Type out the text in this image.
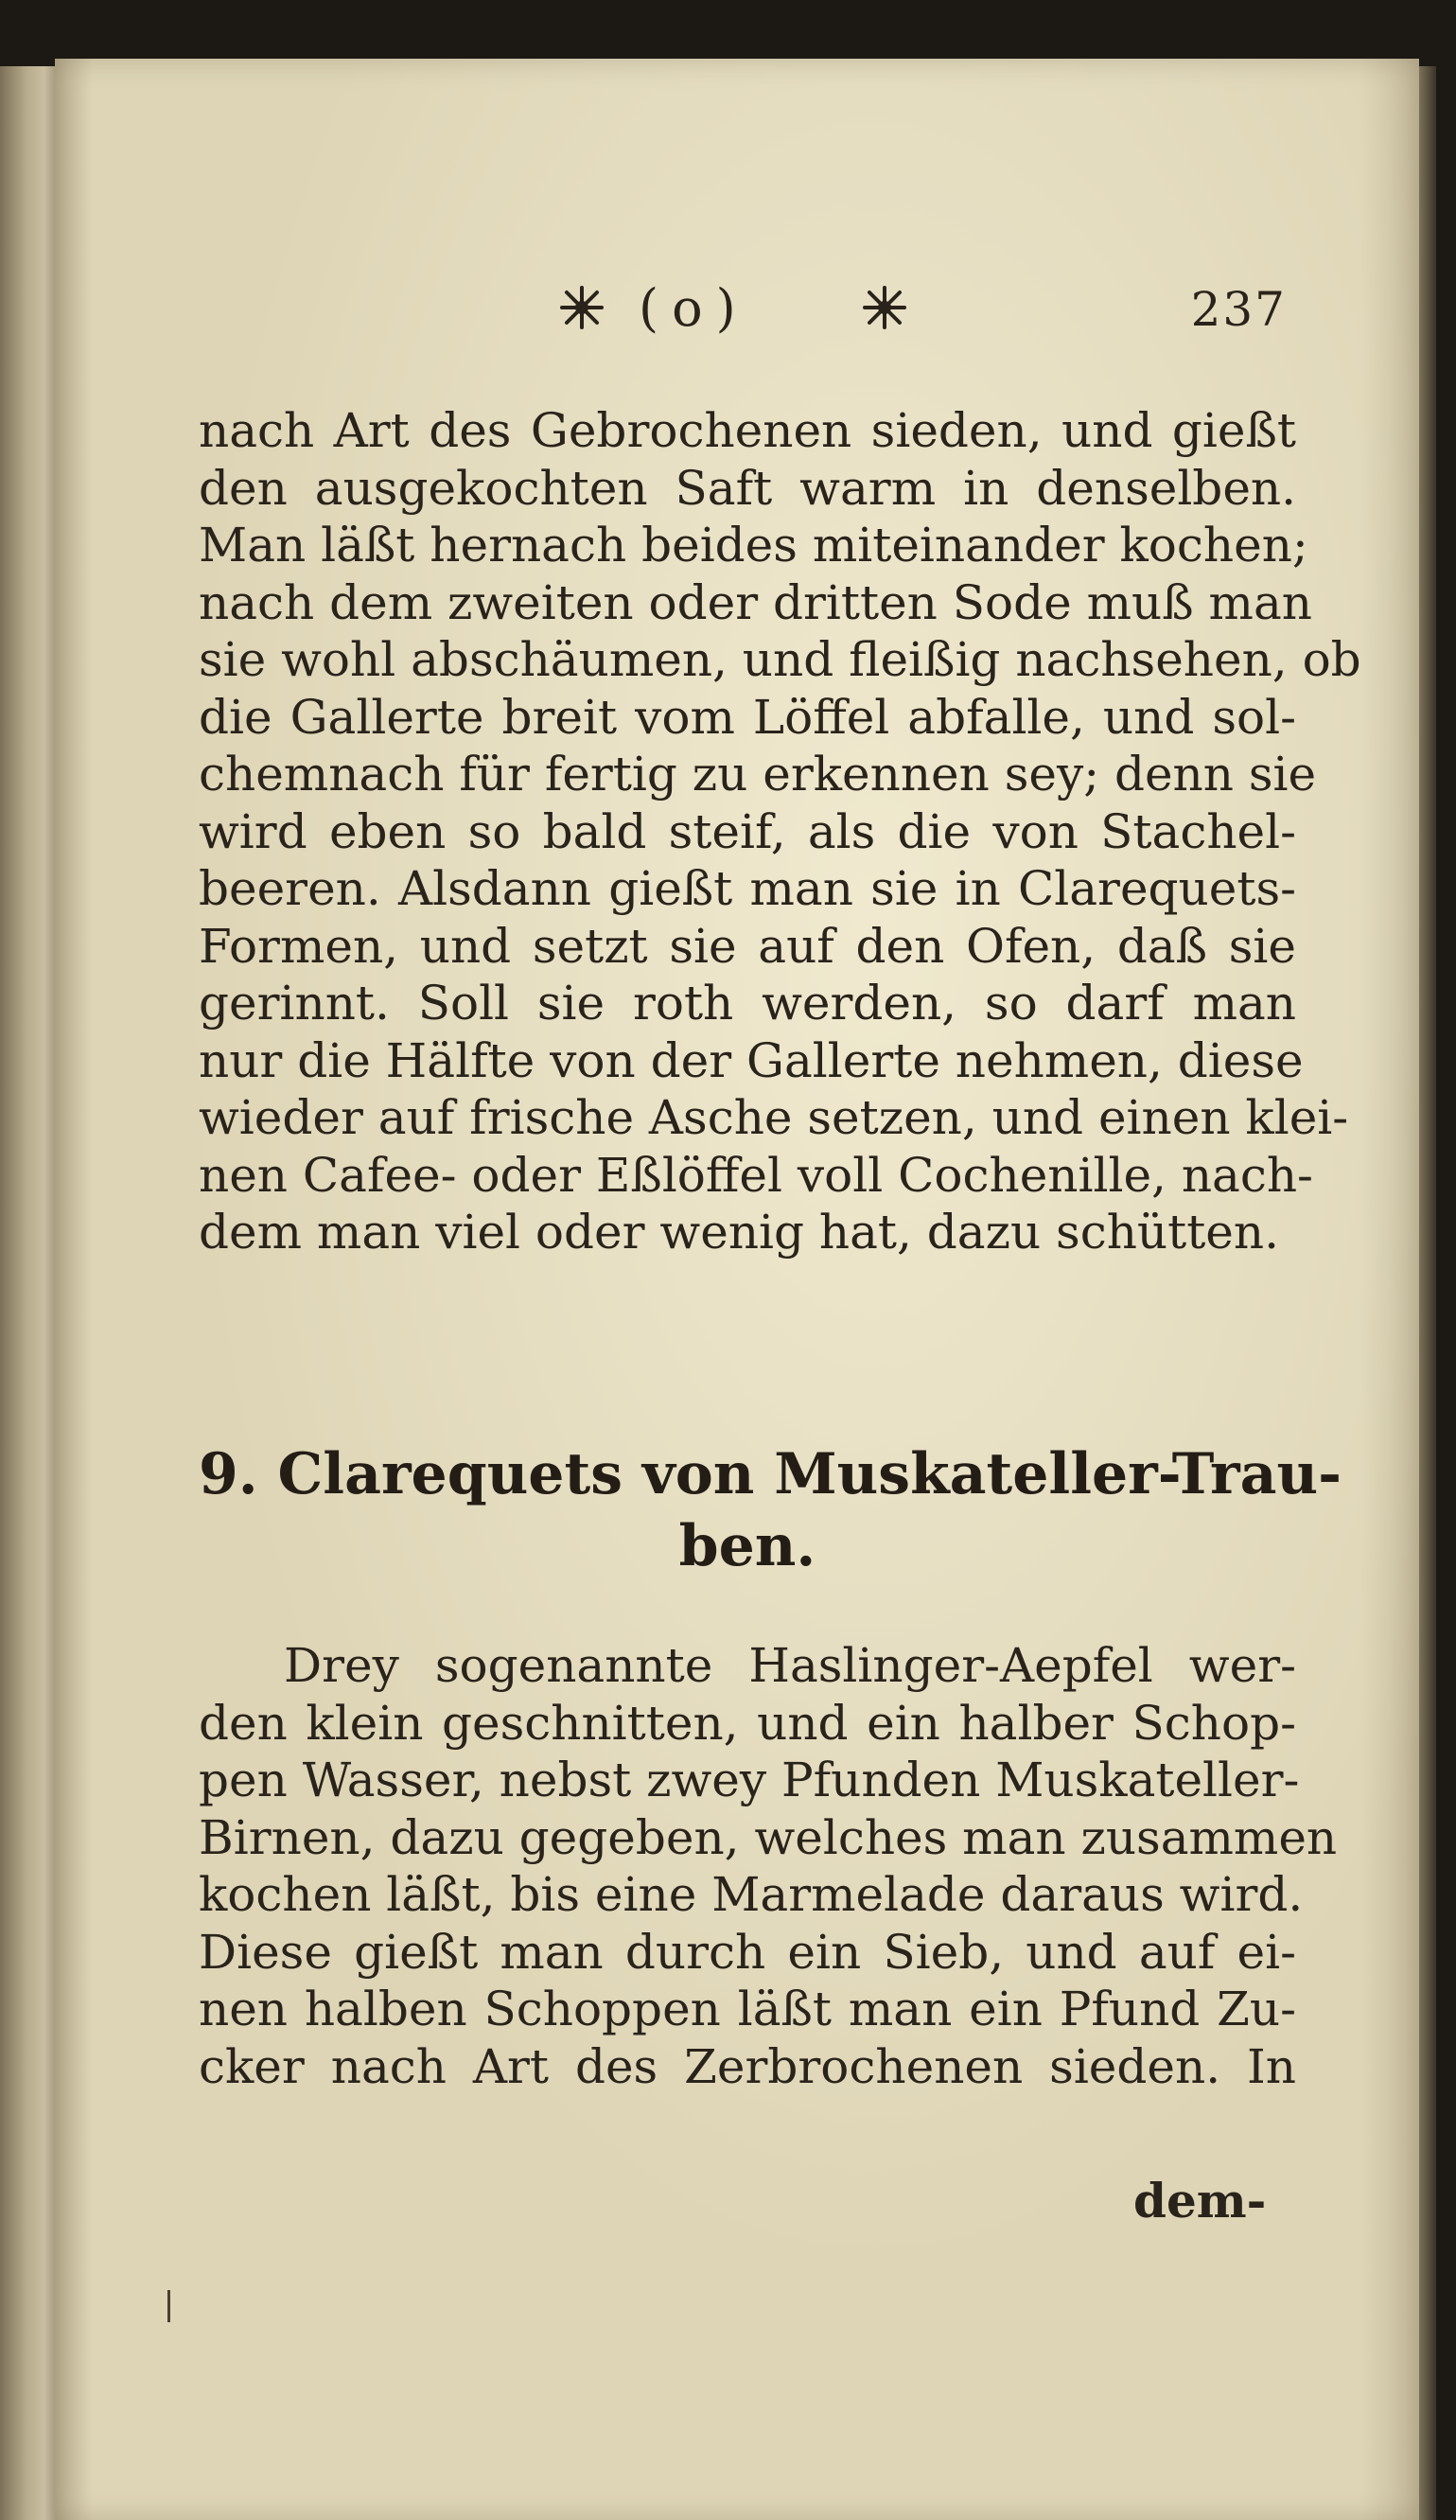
(o)	237
nach Art des Gebrochenen sieden, und gießt
den ausgekochten Saft warm in denselben.
Man läßt hernach beides miteinander kochen;
nach dem zweiten oder dritten Sode muß man
sie wohl abschäumen, und fleißig nachsehen, ob
die Gallerte breit vom Löffel abfalle, und sol-
chemnach für fertig zu erkennen sey; denn sie
wird eben so bald steif, als die von Stachel-
beeren. Alsdann gießt man sie in Clarequets-
Formen, und setzt sie auf den Ofen, daß sie
gerinnt. Soll sie roth werden, so darf man
nur die Hälfte von der Gallerte nehmen, diese
wieder auf frische Asche setzen, und einen klei-
nen Cafee- oder Eßlöffel voll Cochenille, nach-
dem man viel oder wenig hat, dazu schütten.
9. Clarequets von Muskateller-Trau-
ben.
Drey sogenannte Haslinger-Aepfel wer-
den klein geschnitten, und ein halber Schop-
pen Wasser, nebst zwey Pfunden Muskateller-
Birnen, dazu gegeben, welches man zusammen
kochen läßt, bis eine Marmelade daraus wird.
Diese gießt man durch ein Sieb, und auf ei-
nen halben Schoppen läßt man ein Pfund Zu-
cker nach Art des Zerbrochenen sieden. In
dem-
